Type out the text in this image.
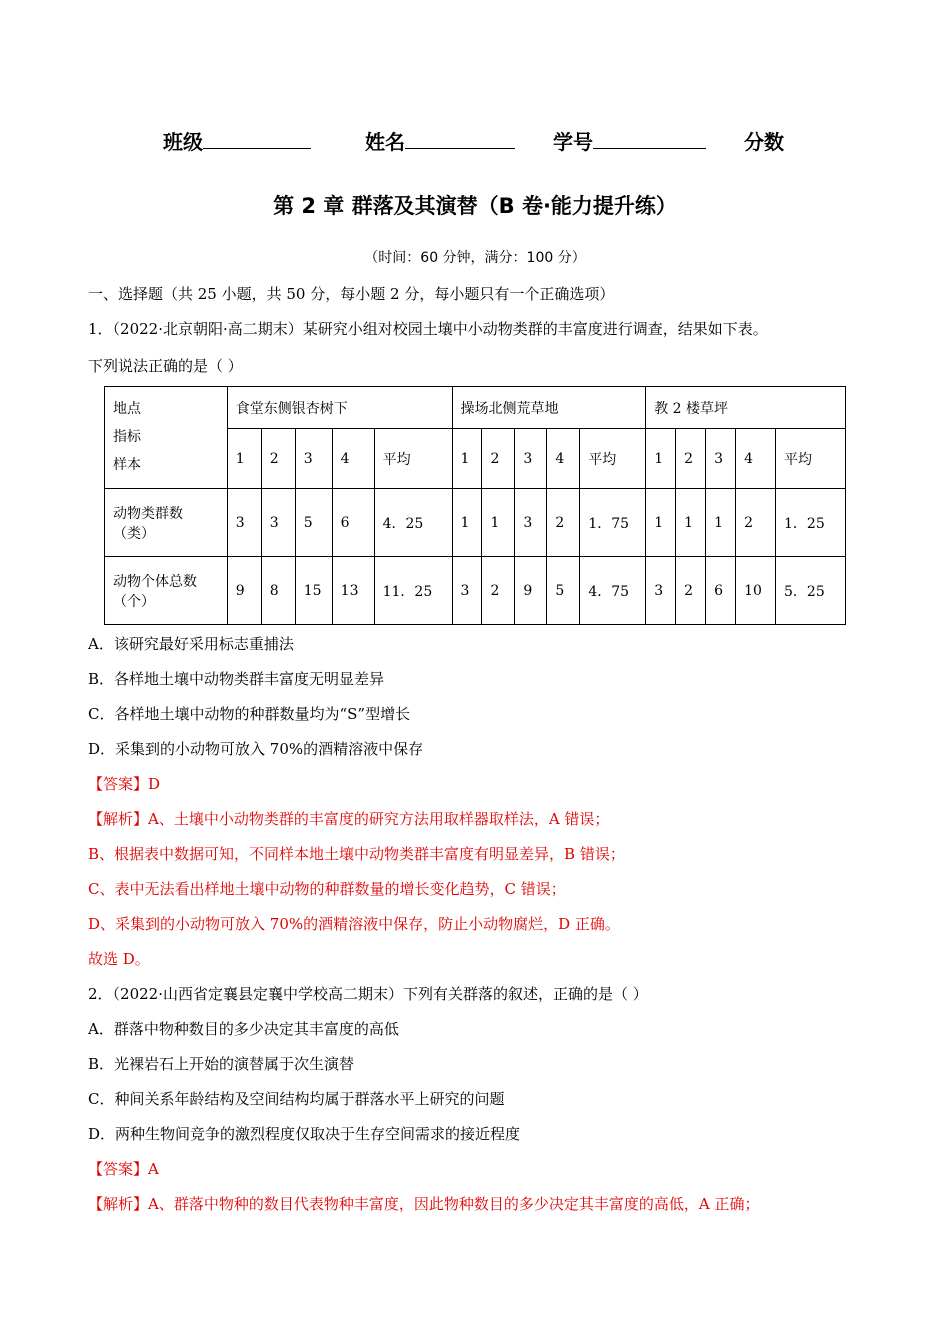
班级	姓名	学号	分数
第 2 章 群落及其演替（B 卷·能力提升练）
（时间：60 分钟，满分：100 分）
一、选择题（共 25 小题，共 50 分，每小题 2 分，每小题只有一个正确选项）
1．（2022·北京朝阳·高二期末）某研究小组对校园土壤中小动物类群的丰富度进行调查，结果如下表。
下列说法正确的是（ ）
地点
指标
样本	食堂东侧银杏树下					操场北侧荒草地					教 2 楼草坪				
	1	2	3	4	平均	1	2	3	4	平均	1	2	3	4	平均

动物类群数
（类）	3	3	5	6	4．25	1	1	3	2	1．75	1	1	1	2	1．25

动物个体总数
（个）	9	8	15	13	11．25	3	2	9	5	4．75	3	2	6	10	5．25
A．该研究最好采用标志重捕法
B．各样地土壤中动物类群丰富度无明显差异
C．各样地土壤中动物的种群数量均为“S”型增长
D．采集到的小动物可放入 70%的酒精溶液中保存
【答案】D
【解析】A、土壤中小动物类群的丰富度的研究方法用取样器取样法，A 错误；
B、根据表中数据可知，不同样本地土壤中动物类群丰富度有明显差异，B 错误；
C、表中无法看出样地土壤中动物的种群数量的增长变化趋势，C 错误；
D、采集到的小动物可放入 70%的酒精溶液中保存，防止小动物腐烂，D 正确。
故选 D。
2．（2022·山西省定襄县定襄中学校高二期末）下列有关群落的叙述，正确的是（ ）
A．群落中物种数目的多少决定其丰富度的高低
B．光裸岩石上开始的演替属于次生演替
C．种间关系年龄结构及空间结构均属于群落水平上研究的问题
D．两种生物间竞争的激烈程度仅取决于生存空间需求的接近程度
【答案】A
【解析】A、群落中物种的数目代表物种丰富度，因此物种数目的多少决定其丰富度的高低，A 正确；
